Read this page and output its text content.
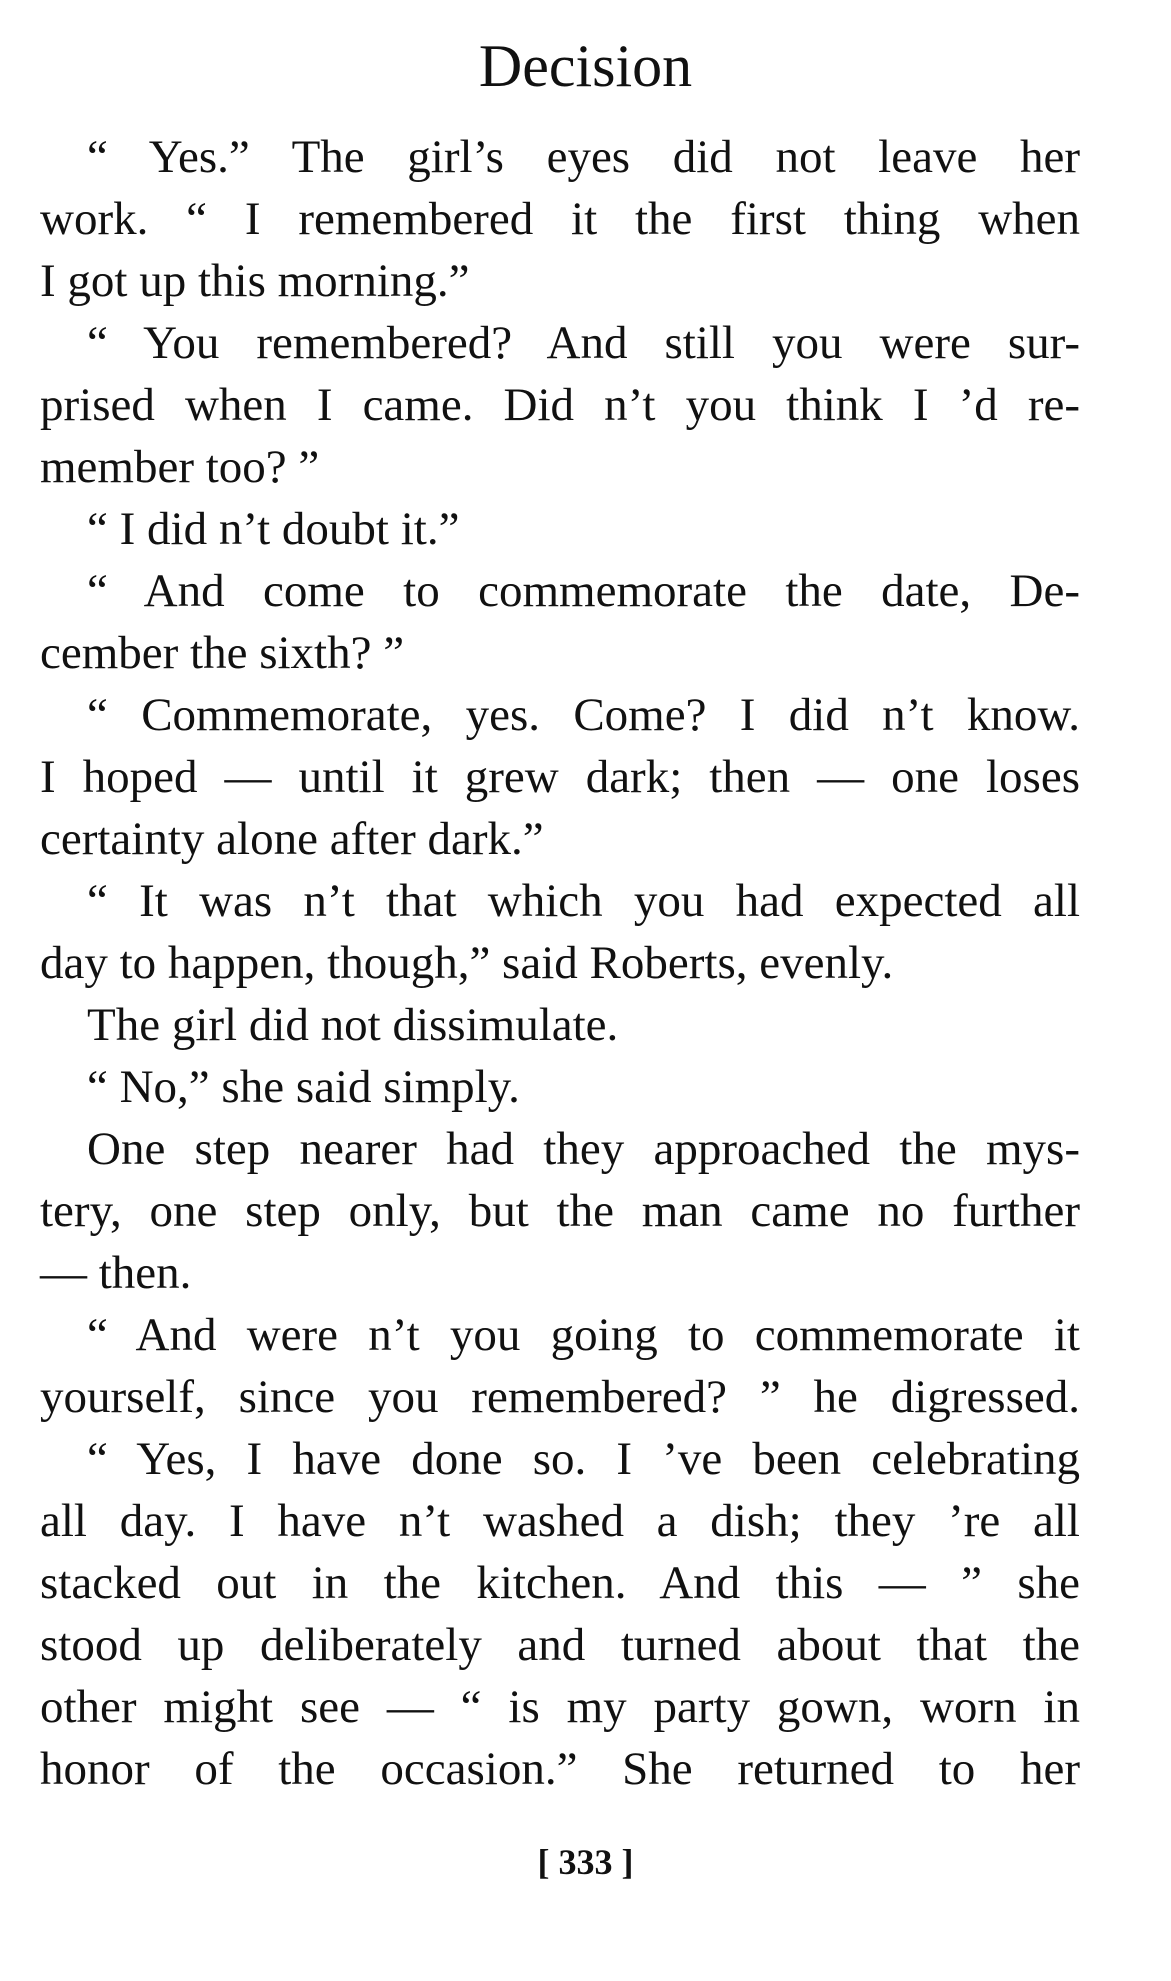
Decision
“ Yes.” The girl’s eyes did not leave her
work. “ I remembered it the first thing when
I got up this morning.”
“ You remembered? And still you were sur-
prised when I came. Did n’t you think I ’d re-
member too? ”
“ I did n’t doubt it.”
“ And come to commemorate the date, De-
cember the sixth? ”
“ Commemorate, yes. Come? I did n’t know.
I hoped — until it grew dark; then — one loses
certainty alone after dark.”
“ It was n’t that which you had expected all
day to happen, though,” said Roberts, evenly.
The girl did not dissimulate.
“ No,” she said simply.
One step nearer had they approached the mys-
tery, one step only, but the man came no further
— then.
“ And were n’t you going to commemorate it
yourself, since you remembered? ” he digressed.
“ Yes, I have done so. I ’ve been celebrating
all day. I have n’t washed a dish; they ’re all
stacked out in the kitchen. And this — ” she
stood up deliberately and turned about that the
other might see — “ is my party gown, worn in
honor of the occasion.” She returned to her
[ 333 ]
